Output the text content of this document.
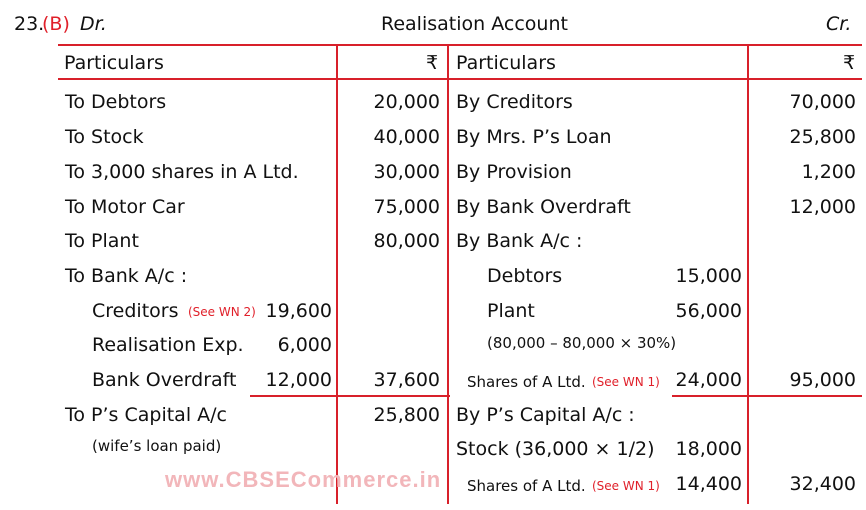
23.
(B) Dr.	Realisation Account	Cr.
Particulars	₹ Particulars	₹
To Debtors	20,000
To Stock	40,000
To 3,000 shares in A Ltd.	30,000
To Motor Car	75,000
To Plant	80,000
To Bank A/c :
Creditors (See WN 2) 19,600
Realisation Exp.	6,000
Bank Overdraft	12,000	37,600
To P’s Capital A/c	25,800
(wife’s loan paid)
By Creditors	70,000
By Mrs. P’s Loan	25,800
By Provision	1,200
By Bank Overdraft	12,000
By Bank A/c :
Debtors	15,000
Plant	56,000
(80,000 – 80,000 × 30%)
Shares of A Ltd. (See WN 1) 24,000	95,000
By P’s Capital A/c :
Stock (36,000 × 1/2)	18,000
Shares of A Ltd. (See WN 1) 14,400	32,400
www.CBSECommerce.in
